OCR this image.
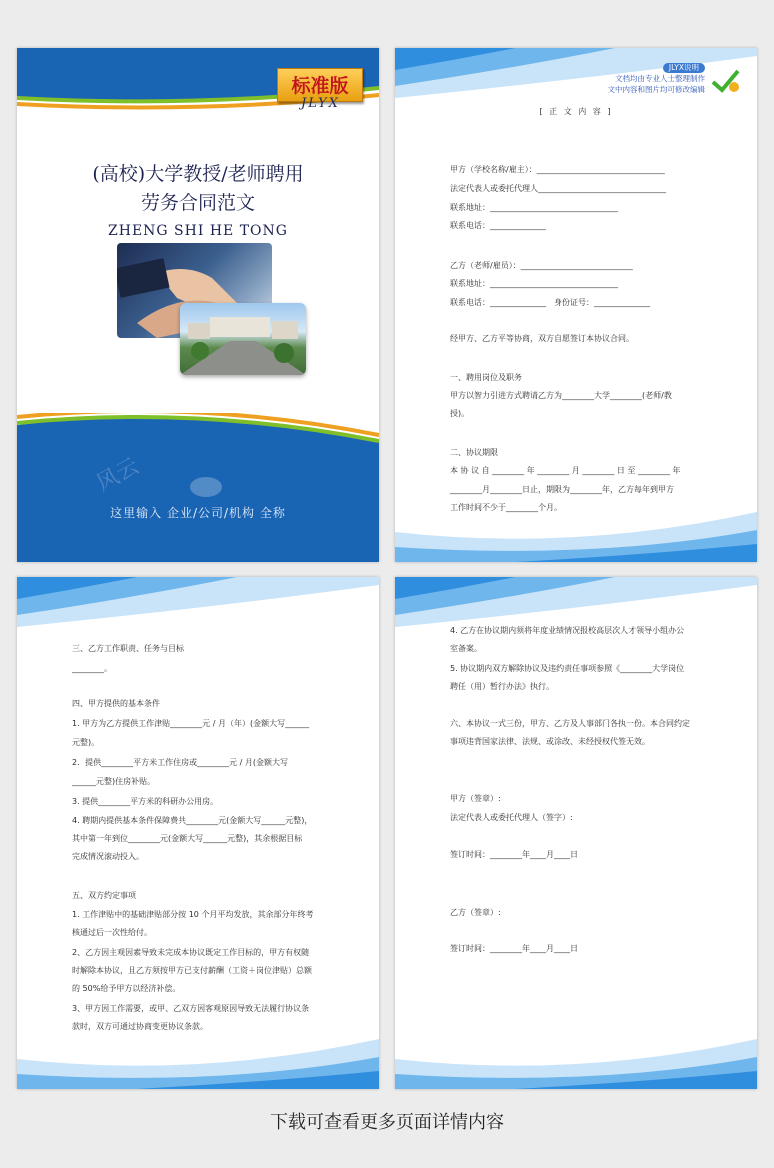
标准版
JLYX
(高校)大学教授/老师聘用
劳务合同范文
ZHENG SHI HE TONG
风云
这里输入 企业/公司/机构 全称
JLYX说明
文档均由专业人士整理制作
文中内容和图片均可修改编辑
[ 正 文 内 容 ]
甲方（学校名称/雇主）：________________________________
法定代表人或委托代理人________________________________
联系地址：________________________________
联系电话：______________
乙方（老师/雇员）：____________________________
联系地址：________________________________
联系电话：______________　身份证号：______________
经甲方、乙方平等协商，双方自愿签订本协议合同。
一、聘用岗位及职务
甲方以智力引进方式聘请乙方为________大学________(老师/教
授)。
二、协议期限
本 协 议 自 ________ 年 ________ 月 ________ 日 至 ________ 年
________月________日止，期限为________年，乙方每年到甲方
工作时间不少于________个月。
三、乙方工作职责、任务与目标
________。
四、甲方提供的基本条件
1. 甲方为乙方提供工作津贴________元 / 月（年）(金额大写______
元整)。
2．提供________平方米工作住房或________元 / 月(金额大写
______元整)住房补贴。
3. 提供________平方米的科研办公用房。
4. 聘期内提供基本条件保障费共________元(金额大写______元整)，
其中第一年到位________元(金额大写______元整)，其余根据目标
完成情况滚动投入。
五、双方约定事项
1. 工作津贴中的基础津贴部分按 10 个月平均发放，其余部分年终考
核通过后一次性给付。
2、乙方因主观因素导致未完成本协议既定工作目标的，甲方有权随
时解除本协议，且乙方须按甲方已支付薪酬（工资＋岗位津贴）总额
的 50%给予甲方以经济补偿。
3、甲方因工作需要，或甲、乙双方因客观原因导致无法履行协议条
款时，双方可通过协商变更协议条款。
4. 乙方在协议期内须将年度业绩情况报校高层次人才领导小组办公
室备案。
5. 协议期内双方解除协议及违约责任事项参照《________大学岗位
聘任（用）暂行办法》执行。
六、本协议一式三份，甲方、乙方及人事部门各执一份。本合同约定
事项违背国家法律、法规、或涂改、未经授权代签无效。
甲方（签章）:
法定代表人或委托代理人（签字）:
签订时间：________年____月____日
乙方（签章）:
签订时间：________年____月____日
下载可查看更多页面详情内容
